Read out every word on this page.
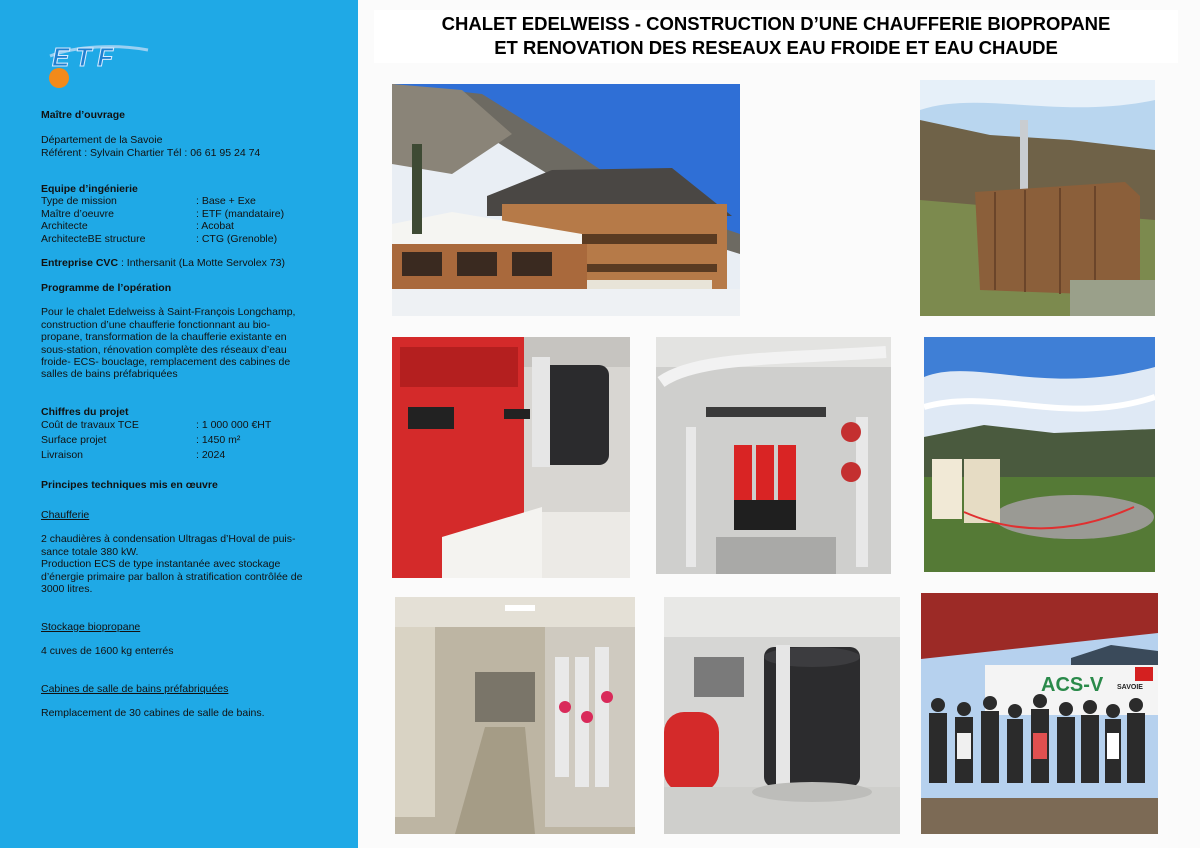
ETF
Maître d’ouvrage
Département de la Savoie
Référent : Sylvain Chartier Tél : 06 61 95 24 74
Equipe d’ingénierie
Type de mission	: Base + Exe
Maître d’oeuvre	: ETF (mandataire)
Architecte	: Acobat
ArchitecteBE structure	: CTG (Grenoble)
Entreprise CVC : Inthersanit (La Motte Servolex 73)
Programme de l’opération
Pour le chalet Edelweiss à Saint-François Longchamp,
construction d’une chaufferie fonctionnant au bio-
propane, transformation de la chaufferie existante en
sous-station, rénovation complète des réseaux d’eau
froide- ECS- bouclage, remplacement des cabines de
salles de bains préfabriquées
Chiffres du projet
Coût de travaux TCE	: 1 000 000 €HT
Surface projet	: 1450 m²
Livraison	: 2024
Principes techniques mis en œuvre
Chaufferie
2 chaudières à condensation Ultragas d’Hoval de puis-
sance totale 380 kW.
Production ECS de type instantanée avec stockage
d’énergie primaire par ballon à stratification contrôlée de
3000 litres.
Stockage biopropane
4 cuves de 1600 kg enterrés
Cabines de salle de bains préfabriquées
Remplacement de 30 cabines de salle de bains.
CHALET EDELWEISS - CONSTRUCTION D’UNE CHAUFFERIE BIOPROPANE
ET RENOVATION DES RESEAUX EAU FROIDE ET EAU CHAUDE
ACS-V SAVOIE
